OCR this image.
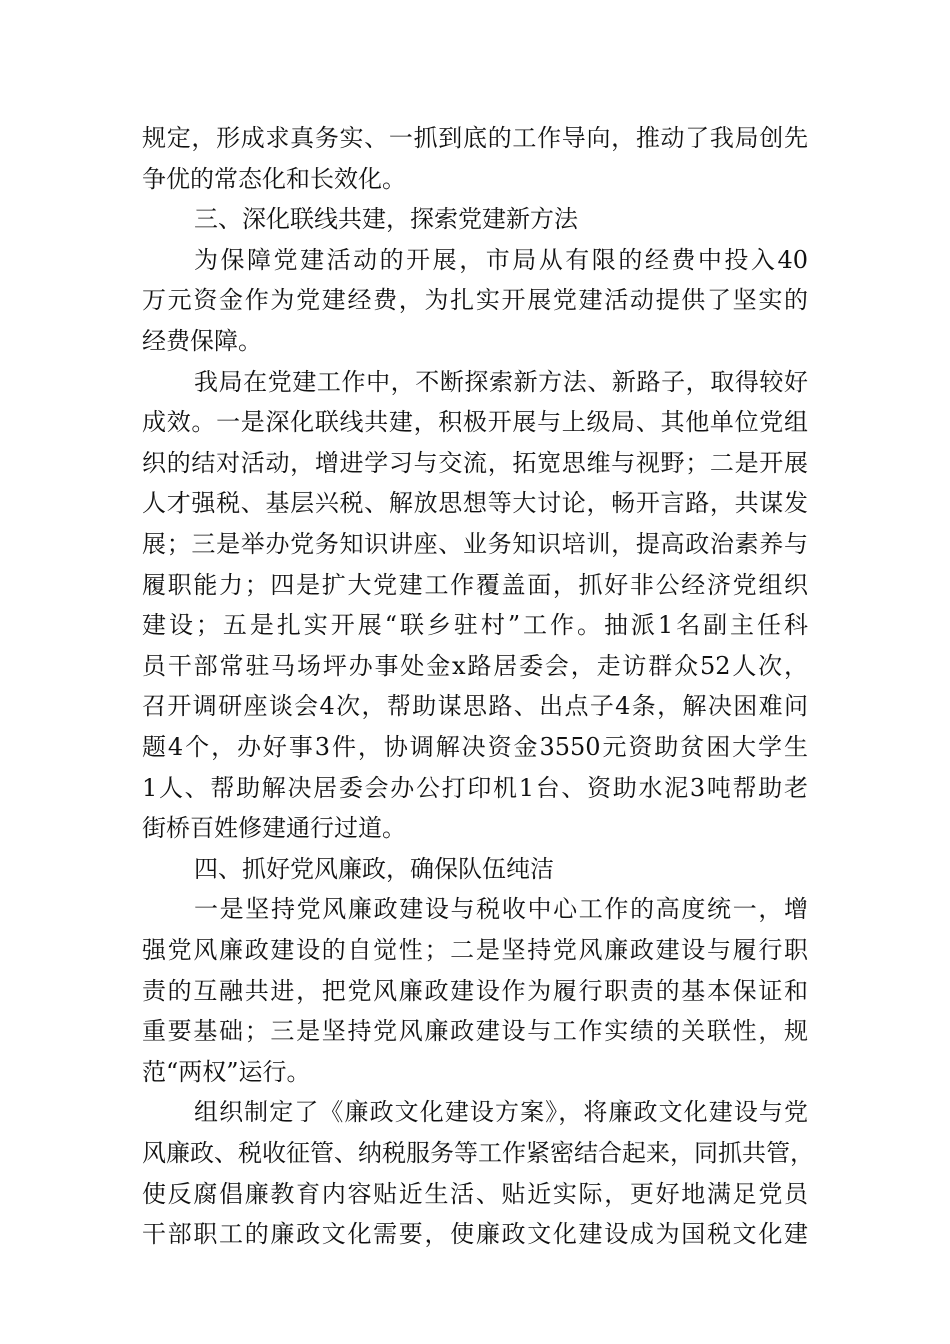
规定，形成求真务实、一抓到底的工作导向，推动了我局创先
争优的常态化和长效化。
三、深化联线共建，探索党建新方法
为保障党建活动的开展，市局从有限的经费中投入40
万元资金作为党建经费，为扎实开展党建活动提供了坚实的
经费保障。
我局在党建工作中，不断探索新方法、新路子，取得较好
成效。一是深化联线共建，积极开展与上级局、其他单位党组
织的结对活动，增进学习与交流，拓宽思维与视野；二是开展
人才强税、基层兴税、解放思想等大讨论，畅开言路，共谋发
展；三是举办党务知识讲座、业务知识培训，提高政治素养与
履职能力；四是扩大党建工作覆盖面，抓好非公经济党组织
建设；五是扎实开展“联乡驻村”工作。抽派1名副主任科
员干部常驻马场坪办事处金x路居委会，走访群众52人次，
召开调研座谈会4次，帮助谋思路、出点子4条，解决困难问
题4个，办好事3件，协调解决资金3550元资助贫困大学生
1人、帮助解决居委会办公打印机1台、资助水泥3吨帮助老
街桥百姓修建通行过道。
四、抓好党风廉政，确保队伍纯洁
一是坚持党风廉政建设与税收中心工作的高度统一，增
强党风廉政建设的自觉性；二是坚持党风廉政建设与履行职
责的互融共进，把党风廉政建设作为履行职责的基本保证和
重要基础；三是坚持党风廉政建设与工作实绩的关联性，规
范“两权”运行。
组织制定了《廉政文化建设方案》，将廉政文化建设与党
风廉政、税收征管、纳税服务等工作紧密结合起来，同抓共管，
使反腐倡廉教育内容贴近生活、贴近实际，更好地满足党员
干部职工的廉政文化需要，使廉政文化建设成为国税文化建
